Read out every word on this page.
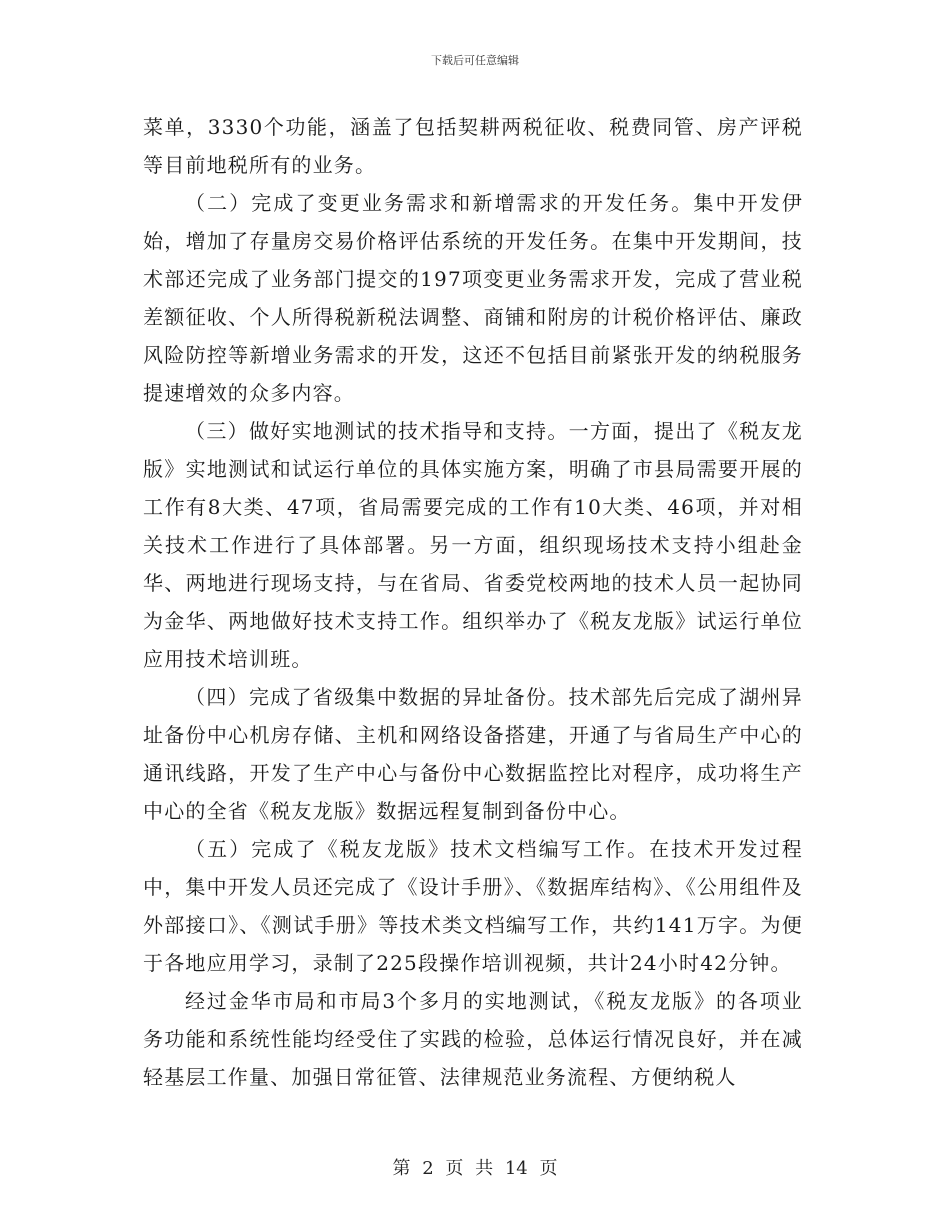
下载后可任意编辑

菜单，3330个功能，涵盖了包括契耕两税征收、税费同管、房产评税等目前地税所有的业务。

（二）完成了变更业务需求和新增需求的开发任务。集中开发伊始，增加了存量房交易价格评估系统的开发任务。在集中开发期间，技术部还完成了业务部门提交的197项变更业务需求开发，完成了营业税差额征收、个人所得税新税法调整、商铺和附房的计税价格评估、廉政风险防控等新增业务需求的开发，这还不包括目前紧张开发的纳税服务提速增效的众多内容。

（三）做好实地测试的技术指导和支持。一方面，提出了《税友龙版》实地测试和试运行单位的具体实施方案，明确了市县局需要开展的工作有8大类、47项，省局需要完成的工作有10大类、46项，并对相关技术工作进行了具体部署。另一方面，组织现场技术支持小组赴金华、两地进行现场支持，与在省局、省委党校两地的技术人员一起协同为金华、两地做好技术支持工作。组织举办了《税友龙版》试运行单位应用技术培训班。

（四）完成了省级集中数据的异址备份。技术部先后完成了湖州异址备份中心机房存储、主机和网络设备搭建，开通了与省局生产中心的通讯线路，开发了生产中心与备份中心数据监控比对程序，成功将生产中心的全省《税友龙版》数据远程复制到备份中心。

（五）完成了《税友龙版》技术文档编写工作。在技术开发过程中，集中开发人员还完成了《设计手册》、《数据库结构》、《公用组件及外部接口》、《测试手册》等技术类文档编写工作，共约141万字。为便于各地应用学习，录制了225段操作培训视频，共计24小时42分钟。

经过金华市局和市局3个多月的实地测试，《税友龙版》的各项业务功能和系统性能均经受住了实践的检验，总体运行情况良好，并在减轻基层工作量、加强日常征管、法律规范业务流程、方便纳税人

第 2 页 共 14 页
